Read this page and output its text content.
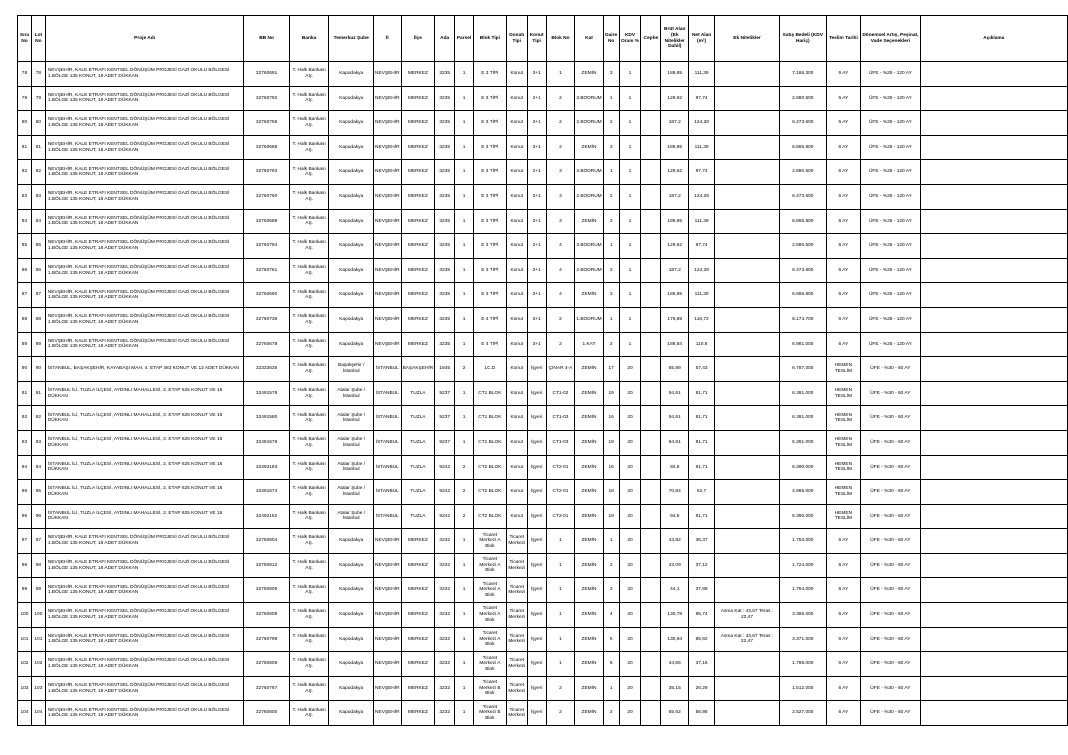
Sıra No	Lot No	Proje Adı	BB No	Banka	Temerkuz Şube	İl	İlçe	Ada	Parsel	Blok Tipi	Donatı Tipi	Konut Tipi	Blok No	Kat	Daire No	KDV Oranı %	Cephe	Brüt Alan (Ek Nitelikler Dahil)	Net Alan (m²)	Ek Nitelikler	Satış Bedeli (KDV Hariç)	Teslim Tarihi	Dönemsel Artış, Peşinat, Vade Seçenekleri	Açıklama
78	78	NEVŞEHİR, KALE ETRAFI KENTSEL DÖNÜŞÜM PROJESİ GAZİ OKULU BÖLGESİ 1.BÖLGE 135 KONUT, 18 ADET DÜKKAN	32760691	T. Halk Bankası AŞ.	Kapodakya	NEVŞEHİR	MERKEZ	3235	1	E 3 TİPİ	Konut	3+1	1	ZEMİN	3	1		189,85	111,39		7.166.300	6 AY	ÜFE - %25 - 120 AY	
79	79	NEVŞEHİR, KALE ETRAFI KENTSEL DÖNÜŞÜM PROJESİ GAZİ OKULU BÖLGESİ 1.BÖLGE 135 KONUT, 18 ADET DÜKKAN	32760792	T. Halk Bankası AŞ.	Kapodakya	NEVŞEHİR	MERKEZ	3235	1	E 3 TİPİ	Konut	2+1	2	3.BODRUM	1	1		129,62	97,74		2.880.500	6 AY	ÜFE - %25 - 120 AY	
80	80	NEVŞEHİR, KALE ETRAFI KENTSEL DÖNÜŞÜM PROJESİ GAZİ OKULU BÖLGESİ 1.BÖLGE 135 KONUT, 18 ADET DÜKKAN	32760759	T. Halk Bankası AŞ.	Kapodakya	NEVŞEHİR	MERKEZ	3235	1	E 3 TİPİ	Konut	3+1	2	2.BODRUM	2	1		187,2	124,28		6.473.600	6 AY	ÜFE - %25 - 120 AY	
81	81	NEVŞEHİR, KALE ETRAFI KENTSEL DÖNÜŞÜM PROJESİ GAZİ OKULU BÖLGESİ 1.BÖLGE 135 KONUT, 18 ADET DÜKKAN	32760688	T. Halk Bankası AŞ.	Kapodakya	NEVŞEHİR	MERKEZ	3235	1	E 3 TİPİ	Konut	3+1	2	ZEMİN	3	1		189,85	111,39		6.865.800	6 AY	ÜFE - %25 - 120 AY	
82	82	NEVŞEHİR, KALE ETRAFI KENTSEL DÖNÜŞÜM PROJESİ GAZİ OKULU BÖLGESİ 1.BÖLGE 135 KONUT, 18 ADET DÜKKAN	32760793	T. Halk Bankası AŞ.	Kapodakya	NEVŞEHİR	MERKEZ	3235	1	E 3 TİPİ	Konut	2+1	3	3.BODRUM	1	1		129,62	97,74		2.880.500	6 AY	ÜFE - %25 - 120 AY	
83	83	NEVŞEHİR, KALE ETRAFI KENTSEL DÖNÜŞÜM PROJESİ GAZİ OKULU BÖLGESİ 1.BÖLGE 135 KONUT, 18 ADET DÜKKAN	32760760	T. Halk Bankası AŞ.	Kapodakya	NEVŞEHİR	MERKEZ	3235	1	E 3 TİPİ	Konut	3+1	3	2.BODRUM	2	1		187,2	124,28		6.473.600	6 AY	ÜFE - %25 - 120 AY	
84	84	NEVŞEHİR, KALE ETRAFI KENTSEL DÖNÜŞÜM PROJESİ GAZİ OKULU BÖLGESİ 1.BÖLGE 135 KONUT, 18 ADET DÜKKAN	32760689	T. Halk Bankası AŞ.	Kapodakya	NEVŞEHİR	MERKEZ	3235	1	E 3 TİPİ	Konut	3+1	3	ZEMİN	3	1		189,85	111,39		6.865.800	6 AY	ÜFE - %25 - 120 AY	
85	85	NEVŞEHİR, KALE ETRAFI KENTSEL DÖNÜŞÜM PROJESİ GAZİ OKULU BÖLGESİ 1.BÖLGE 135 KONUT, 18 ADET DÜKKAN	32760794	T. Halk Bankası AŞ.	Kapodakya	NEVŞEHİR	MERKEZ	3235	1	E 3 TİPİ	Konut	2+1	4	3.BODRUM	1	1		129,62	97,74		2.880.500	6 AY	ÜFE - %25 - 120 AY	
86	86	NEVŞEHİR, KALE ETRAFI KENTSEL DÖNÜŞÜM PROJESİ GAZİ OKULU BÖLGESİ 1.BÖLGE 135 KONUT, 18 ADET DÜKKAN	32760761	T. Halk Bankası AŞ.	Kapodakya	NEVŞEHİR	MERKEZ	3235	1	E 3 TİPİ	Konut	3+1	4	2.BODRUM	2	1		187,2	124,28		6.473.600	6 AY	ÜFE - %25 - 120 AY	
87	87	NEVŞEHİR, KALE ETRAFI KENTSEL DÖNÜŞÜM PROJESİ GAZİ OKULU BÖLGESİ 1.BÖLGE 135 KONUT, 18 ADET DÜKKAN	32760690	T. Halk Bankası AŞ.	Kapodakya	NEVŞEHİR	MERKEZ	3235	1	E 3 TİPİ	Konut	3+1	4	ZEMİN	3	1		189,85	111,39		6.865.800	6 AY	ÜFE - %25 - 120 AY	
88	88	NEVŞEHİR, KALE ETRAFI KENTSEL DÖNÜŞÜM PROJESİ GAZİ OKULU BÖLGESİ 1.BÖLGE 135 KONUT, 18 ADET DÜKKAN	32760738	T. Halk Bankası AŞ.	Kapodakya	NEVŞEHİR	MERKEZ	3235	1	E 4 TİPİ	Konut	3+1	2	1.BODRUM	1	1		176,89	116,72		6.174.700	6 AY	ÜFE - %25 - 120 AY	
89	89	NEVŞEHİR, KALE ETRAFI KENTSEL DÖNÜŞÜM PROJESİ GAZİ OKULU BÖLGESİ 1.BÖLGE 135 KONUT, 18 ADET DÜKKAN	32760678	T. Halk Bankası AŞ.	Kapodakya	NEVŞEHİR	MERKEZ	3235	1	E 4 TİPİ	Konut	3+1	2	1.KAT	2	1		189,84	110,8		6.981.000	6 AY	ÜFE - %25 - 120 AY	
90	90	İSTANBUL, BAŞAKŞEHİR, KAYABAŞI MAH. 4. ETAP 483 KONUT VE 12 ADET DÜKKAN	32333635	T. Halk Bankası AŞ.	Başakşehir / İstanbul	İSTANBUL	BAŞAKŞEHİR	1845	2	1C.D	Konut	İşyeri	ÇINAR 4-A	ZEMİN	17	20		65,89	57,43		6.787.000	HEMEN TESLİM	ÜFE - %30 - 60 AY	
91	91	İSTANBUL İLİ, TUZLA İLÇESİ, AYDINLI MAHALLESİ, 2. ETAP 625 KONUT VE 16 DÜKKAN	32491578	T. Halk Bankası AŞ.	Atalar Şube / İstanbul	İSTANBUL	TUZLA	9237	1	CT1 BLOK	Konut	İşyeri	CT1-02	ZEMİN	19	20		94,81	81,71		6.391.000	HEMEN TESLİM	ÜFE - %30 - 60 AY	
92	92	İSTANBUL İLİ, TUZLA İLÇESİ, AYDINLI MAHALLESİ, 2. ETAP 625 KONUT VE 16 DÜKKAN	32491580	T. Halk Bankası AŞ.	Atalar Şube / İstanbul	İSTANBUL	TUZLA	9237	1	CT1 BLOK	Konut	İşyeri	CT1-03	ZEMİN	16	20		94,81	81,71		6.391.000	HEMEN TESLİM	ÜFE - %30 - 60 AY	
93	93	İSTANBUL İLİ, TUZLA İLÇESİ, AYDINLI MAHALLESİ, 2. ETAP 625 KONUT VE 16 DÜKKAN	32491579	T. Halk Bankası AŞ.	Atalar Şube / İstanbul	İSTANBUL	TUZLA	9237	1	CT1 BLOK	Konut	İşyeri	CT1-03	ZEMİN	19	20		94,81	81,71		6.391.000	HEMEN TESLİM	ÜFE - %30 - 60 AY	
94	94	İSTANBUL İLİ, TUZLA İLÇESİ, AYDINLI MAHALLESİ, 2. ETAP 625 KONUT VE 16 DÜKKAN	32492183	T. Halk Bankası AŞ.	Atalar Şube / İstanbul	İSTANBUL	TUZLA	9242	2	CT2 BLOK	Konut	İşyeri	CT2-01	ZEMİN	16	20		94,8	81,71		6.390.000	HEMEN TESLİM	ÜFE - %30 - 60 AY	
95	95	İSTANBUL İLİ, TUZLA İLÇESİ, AYDINLI MAHALLESİ, 2. ETAP 625 KONUT VE 16 DÜKKAN	32491574	T. Halk Bankası AŞ.	Atalar Şube / İstanbul	İSTANBUL	TUZLA	9242	2	CT2 BLOK	Konut	İşyeri	CT2-01	ZEMİN	18	20		70,84	62,7		4.865.000	HEMEN TESLİM	ÜFE - %30 - 60 AY	
96	96	İSTANBUL İLİ, TUZLA İLÇESİ, AYDINLI MAHALLESİ, 2. ETAP 625 KONUT VE 16 DÜKKAN	32492182	T. Halk Bankası AŞ.	Atalar Şube / İstanbul	İSTANBUL	TUZLA	9242	2	CT2 BLOK	Konut	İşyeri	CT2-01	ZEMİN	19	20		94,8	81,71		6.390.000	HEMEN TESLİM	ÜFE - %30 - 60 AY	
97	97	NEVŞEHİR, KALE ETRAFI KENTSEL DÖNÜŞÜM PROJESİ GAZİ OKULU BÖLGESİ 1.BÖLGE 135 KONUT, 18 ADET DÜKKAN	32760804	T. Halk Bankası AŞ.	Kapodakya	NEVŞEHİR	MERKEZ	3232	1	Ticaret Merkezi A Blok	Ticaret Merkezi	İşyeri	1	ZEMİN	1	20		43,82	36,37		1.753.000	6 AY	ÜFE - %30 - 60 AY	
98	98	NEVŞEHİR, KALE ETRAFI KENTSEL DÖNÜŞÜM PROJESİ GAZİ OKULU BÖLGESİ 1.BÖLGE 135 KONUT, 18 ADET DÜKKAN	32760812	T. Halk Bankası AŞ.	Kapodakya	NEVŞEHİR	MERKEZ	3232	1	Ticaret Merkezi A Blok	Ticaret Merkezi	İşyeri	1	ZEMİN	2	20		43,09	37,12		1.724.000	6 AY	ÜFE - %30 - 60 AY	
99	99	NEVŞEHİR, KALE ETRAFI KENTSEL DÖNÜŞÜM PROJESİ GAZİ OKULU BÖLGESİ 1.BÖLGE 135 KONUT, 18 ADET DÜKKAN	32760805	T. Halk Bankası AŞ.	Kapodakya	NEVŞEHİR	MERKEZ	3232	1	Ticaret Merkezi A Blok	Ticaret Merkezi	İşyeri	1	ZEMİN	3	20		44,1	37,88		1.764.000	6 AY	ÜFE - %30 - 60 AY	
100	100	NEVŞEHİR, KALE ETRAFI KENTSEL DÖNÜŞÜM PROJESİ GAZİ OKULU BÖLGESİ 1.BÖLGE 135 KONUT, 18 ADET DÜKKAN	32760809	T. Halk Bankası AŞ.	Kapodakya	NEVŞEHİR	MERKEZ	3232	1	Ticaret Merkezi A Blok	Ticaret Merkezi	İşyeri	1	ZEMİN	4	20		130,78	85,74	Asma Kat : 43,67 Teras : 22,47	3.365.000	6 AY	ÜFE - %30 - 60 AY	
101	101	NEVŞEHİR, KALE ETRAFI KENTSEL DÖNÜŞÜM PROJESİ GAZİ OKULU BÖLGESİ 1.BÖLGE 135 KONUT, 18 ADET DÜKKAN	32760798	T. Halk Bankası AŞ.	Kapodakya	NEVŞEHİR	MERKEZ	3232	1	Ticaret Merkezi A Blok	Ticaret Merkezi	İşyeri	1	ZEMİN	5	20		130,94	85,92	Asma Kat : 43,67 Teras : 22,47	3.371.000	6 AY	ÜFE - %30 - 60 AY	
102	102	NEVŞEHİR, KALE ETRAFI KENTSEL DÖNÜŞÜM PROJESİ GAZİ OKULU BÖLGESİ 1.BÖLGE 135 KONUT, 18 ADET DÜKKAN	32760806	T. Halk Bankası AŞ.	Kapodakya	NEVŞEHİR	MERKEZ	3232	1	Ticaret Merkezi A Blok	Ticaret Merkezi	İşyeri	1	ZEMİN	6	20		44,65	37,15		1.786.000	6 AY	ÜFE - %30 - 60 AY	
103	103	NEVŞEHİR, KALE ETRAFI KENTSEL DÖNÜŞÜM PROJESİ GAZİ OKULU BÖLGESİ 1.BÖLGE 135 KONUT, 18 ADET DÜKKAN	32760797	T. Halk Bankası AŞ.	Kapodakya	NEVŞEHİR	MERKEZ	3232	1	Ticaret Merkezi B Blok	Ticaret Merkezi	İşyeri	2	ZEMİN	1	20		35,15	26,29		1.512.000	6 AY	ÜFE - %30 - 60 AY	
104	104	NEVŞEHİR, KALE ETRAFI KENTSEL DÖNÜŞÜM PROJESİ GAZİ OKULU BÖLGESİ 1.BÖLGE 135 KONUT, 18 ADET DÜKKAN	32760800	T. Halk Bankası AŞ.	Kapodakya	NEVŞEHİR	MERKEZ	3232	1	Ticaret Merkezi B Blok	Ticaret Merkezi	İşyeri	2	ZEMİN	2	20		65,62	56,98		2.527.000	6 AY	ÜFE - %30 - 60 AY	
